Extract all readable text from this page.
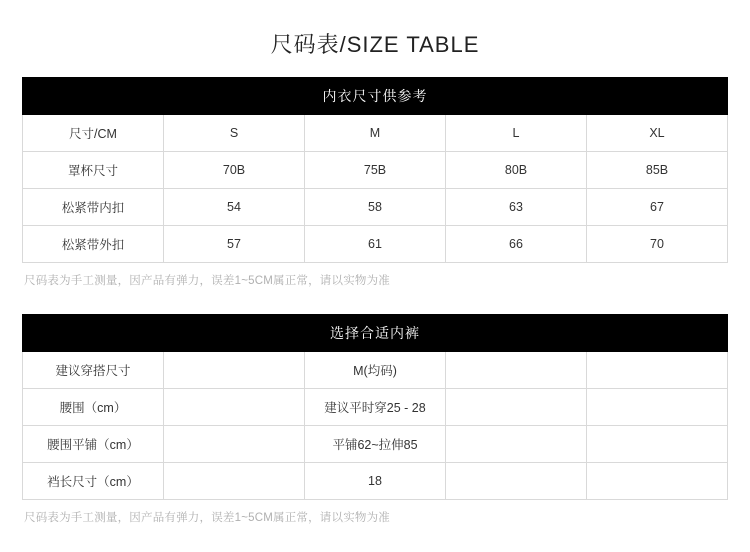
尺码表/SIZE TABLE
内衣尺寸供参考				
尺寸/CM	S	M	L	XL
罩杯尺寸	70B	75B	80B	85B
松紧带内扣	54	58	63	67
松紧带外扣	57	61	66	70
尺码表为手工测量，因产品有弹力，误差1~5CM属正常，请以实物为准
选择合适内裤				
建议穿搭尺寸		M(均码)		
腰围（cm）		建议平时穿25 - 28		
腰围平铺（cm）		平铺62~拉伸85		
裆长尺寸（cm）		18		
尺码表为手工测量，因产品有弹力，误差1~5CM属正常，请以实物为准
